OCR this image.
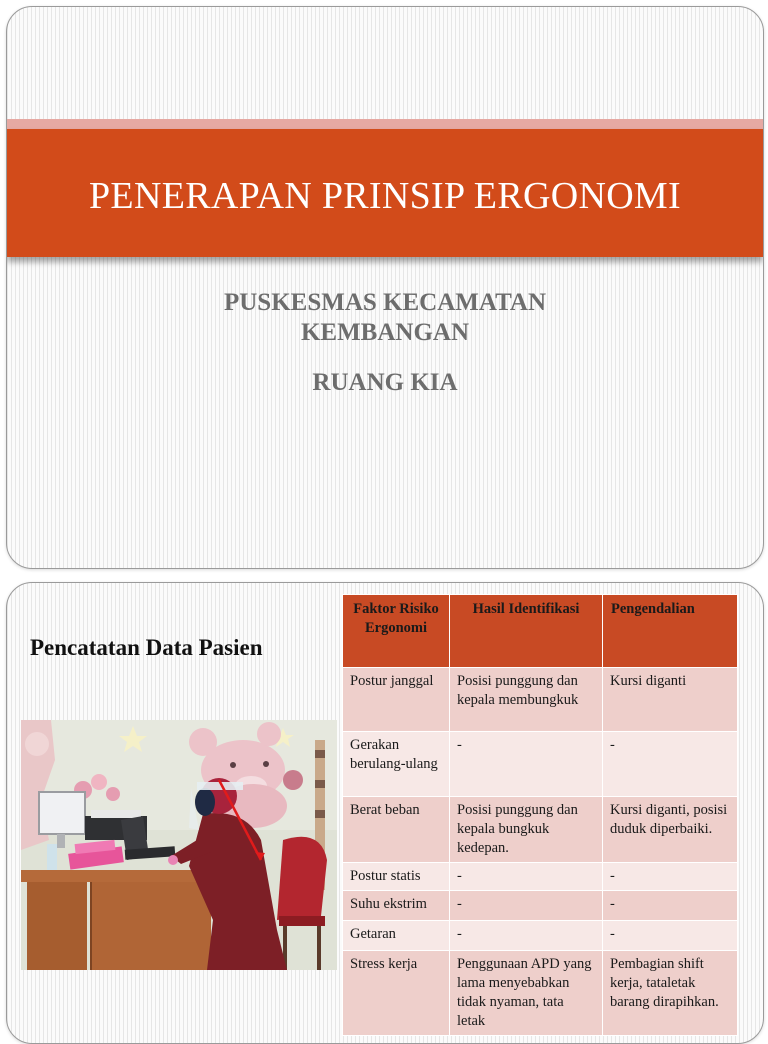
PENERAPAN PRINSIP ERGONOMI
PUSKESMAS KECAMATAN
KEMBANGAN
RUANG KIA
Pencatatan Data Pasien
Faktor Risiko Ergonomi	Hasil Identifikasi	Pengendalian
Postur janggal	Posisi punggung dan kepala membungkuk	Kursi diganti
Gerakan berulang-ulang	-	-
Berat beban	Posisi punggung dan kepala bungkuk kedepan.	Kursi diganti, posisi duduk diperbaiki.
Postur statis	-	-
Suhu ekstrim	-	-
Getaran	-	-
Stress kerja	Penggunaan APD yang lama menyebabkan tidak nyaman, tata letak	Pembagian shift kerja, tataletak barang dirapihkan.
